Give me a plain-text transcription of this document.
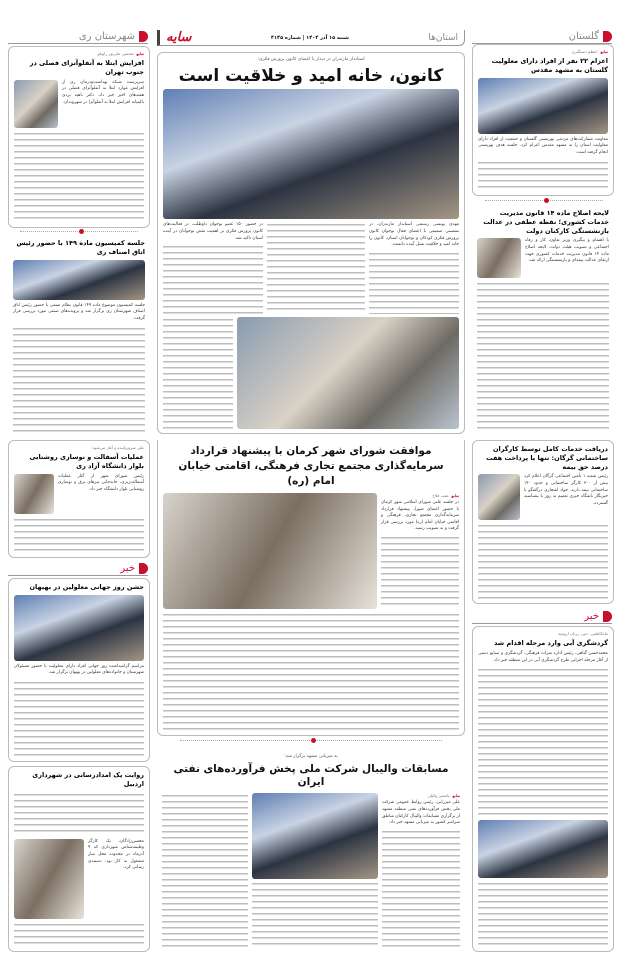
شهرستان ری
سایهمحسن علی‌پور راویلو
افزایش ابتلا به آنفلوآنزای فصلی در جنوب تهران
سرپرست شبکه بهداشت‌ودرمان ری از افزایش موارد ابتلا به آنفلوآنزای فصلی در هفته‌های اخیر خبر داد. دکتر ناهید بردی بالینیانه افزایش ابتلا به آنفلوآنزا در شهروندان.
جلسه کمیسیون ماده ۱۴۹ با حضور رئیس اتاق اصناف ری
جلسه کمیسیون موضوع ماده ۱۴۹ قانون نظام صنفی با حضور رئیس اتاق اصناف شهرستان ری برگزار شد و پرونده‌های صنفی مورد بررسی قرار گرفت.
علی سرورپاینده و آغاز می‌شود:
عملیات آسفالت و نوسازی روشنایی بلوار دانشگاه آزاد ری
رئیس شورای شهر از آغاز عملیات آسفالت‌ریزی، جابه‌جایی تیرهای برق و نوسازی روشنایی بلوار دانشگاه خبر داد.
خبر
جشن روز جهانی معلولین در بهبهان
مراسم گرامیداشت روز جهانی افراد دارای معلولیت با حضور مسئولان شهرستان و خانواده‌های معلولین در بهبهان برگزار شد.
روایت یک امدادرسانی در شهرداری اردبیل
محسن‌زادگان، یک کارگر وظیفه‌شناس شهرداری که ۹ آذرماه در محدوده محل ساز مشغول به کار بود، دستیدی رسانی کرد.
استان‌ها
شنبه ۱۵ آذر ۱۴۰۴ | شماره ۴۱۴۵
سایه
استاندار مازندران در دیدار با اعضای کانون پرورش فکری:
کانون، خانه امید و خلاقیت است
مهدی یونسی رستمی استاندار مازندران، در نشستی صمیمی با اعضای فعال نوجوان کانون پرورش فکری کودکان و نوجوانان استان، کانون را خانه امید و خلاقیت نسل آینده دانست.
در حضور ۱۵۰ عضو نوجوان داوطلب، در فعالیت‌های کانون پرورش فکری بر اهمیت نقش نوجوانان در آینده استان تاکید شد.
موافقت شورای شهر کرمان با پیشنهاد قرارداد سرمایه‌گذاری مجتمع تجاری فرهنگی، اقامتی خیابان امام (ره)
سایهعفت فلاح
در جلسه علنی شورای اسلامی شهر کرمان با حضور اعضای شورا، پیشنهاد قرارداد سرمایه‌گذاری مجتمع تجاری، فرهنگی و اقامتی خیابان امام (ره) مورد بررسی قرار گرفت و به تصویب رسید.
به میزبانی مشهد برگزار شد:
مسابقات والیبال شرکت ملی پخش فرآورده‌های نفتی ایران
سایهیاسمن وکیلی
علی میرزایی، رئیس روابط عمومی شرکت ملی پخش فرآورده‌های نفتی منطقه مشهد از برگزاری مسابقات والیبال کارکنان مناطق سراسر کشور به میزبانی مشهد خبر داد.
گلستان
سایهاعظم دستگیری
اعزام ۲۲ نفر از افراد دارای معلولیت گلستان به مشهد مقدس
معاونت مشارکت‌های مردمی بهزیستی گلستان و جمعیت از افراد دارای معلولیت استان را به مشهد مقدس اعزام کرد. جلسه هدف بهزیستی انجام گرفته است.
لایحه اصلاح ماده ۱۴ قانون مدیریت خدمات کشوری؛ نقطه عطفی در عدالت بازنشستگی کارکنان دولت
با اهتمام و پیگیری وزیر تعاون، کار و رفاه اجتماعی و تصویب هیئت دولت، لایحه اصلاح ماده ۱۴ قانون مدیریت خدمات کشوری جهت ارتقای عدالت بیمه‌ای و بازنشستگی ارائه شد.
دریافت خدمات کامل توسط کارگران ساختمانی گرگان: تنها با پرداخت هفت درصد حق بیمه
رئیس شعبه ۱ تأمین اجتماعی گرگان اعلام کرد بیش از ۳۰۰ کارگر ساختمانی و حدود ۱۴۰ ساختمانی بیمه دارند. جواد اشجاری درگفتگو با خبرنگار باشگاه خبری تعمیم به روز با بشناسیه گسترده.
خبر
ماه‌کاظمی، دبیر، رزیان ارومیه
گردشگری آبی وارد مرحله اقدام شد
محمدحسن گیاهی، رئیس اداره میراث فرهنگی، گردشگری و صنایع دستی از آغاز مرحله اجرایی طرح گردشگری آبی در این منطقه خبر داد.
